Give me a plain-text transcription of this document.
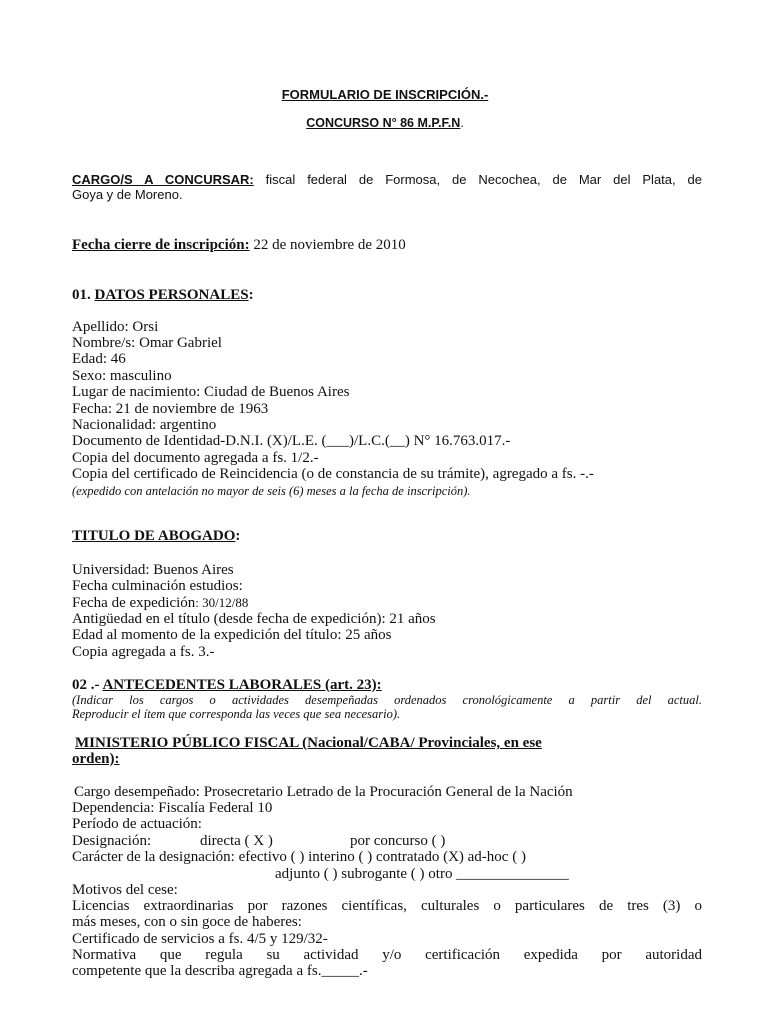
FORMULARIO DE INSCRIPCIÓN.-
CONCURSO N° 86 M.P.F.N.
CARGO/S A CONCURSAR: fiscal federal de Formosa, de Necochea, de Mar del Plata, de
Goya y de Moreno.
Fecha cierre de inscripción: 22 de noviembre de 2010
01. DATOS PERSONALES:
Apellido: Orsi
Nombre/s: Omar Gabriel
Edad: 46
Sexo: masculino
Lugar de nacimiento: Ciudad de Buenos Aires
Fecha: 21 de noviembre de 1963
Nacionalidad: argentino
Documento de Identidad-D.N.I. (X)/L.E. (___)/L.C.(__) N° 16.763.017.-
Copia del documento agregada a fs. 1/2.-
Copia del certificado de Reincidencia (o de constancia de su trámite), agregado a fs. -.-
(expedido con antelación no mayor de seis (6) meses a la fecha de inscripción).
TITULO DE ABOGADO:
Universidad: Buenos Aires
Fecha culminación estudios:
Fecha de expedición: 30/12/88
Antigüedad en el título (desde fecha de expedición): 21 años
Edad al momento de la expedición del título: 25 años
Copia agregada a fs. 3.-
02 .- ANTECEDENTES LABORALES (art. 23):
(Indicar los cargos o actividades desempeñadas ordenados cronológicamente a partir del actual.
Reproducir el ítem que corresponda las veces que sea necesario).
MINISTERIO PÚBLICO FISCAL (Nacional/CABA/ Provinciales, en ese
orden):
Cargo desempeñado: Prosecretario Letrado de la Procuración General de la Nación
Dependencia: Fiscalía Federal 10
Período de actuación:
Designación:	directa ( X )	por concurso ( )
Carácter de la designación: efectivo ( ) interino ( ) contratado (X) ad-hoc ( )
adjunto ( ) subrogante ( ) otro _______________
Motivos del cese:
Licencias extraordinarias por razones científicas, culturales o particulares de tres (3) o
más meses, con o sin goce de haberes:
Certificado de servicios a fs. 4/5 y 129/32-
Normativa que regula su actividad y/o certificación expedida por autoridad
competente que la describa agregada a fs._____.-
